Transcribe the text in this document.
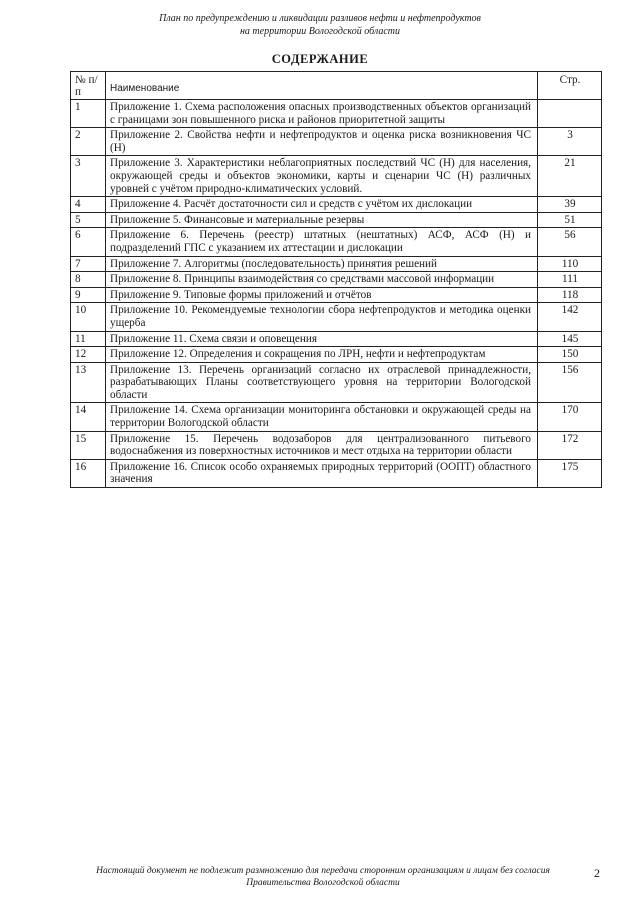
План по предупреждению и ликвидации разливов нефти и нефтепродуктов
на территории Вологодской области
СОДЕРЖАНИЕ
№ п/п	Наименование	Стр.
1	Приложение 1. Схема расположения опасных производственных объектов организаций с границами зон повышенного риска и районов приоритетной защиты	
2	Приложение 2. Свойства нефти и нефтепродуктов и оценка риска возникновения ЧС (Н)	3
3	Приложение 3. Характеристики неблагоприятных последствий ЧС (Н) для населения, окружающей среды и объектов экономики, карты и сценарии ЧС (Н) различных уровней с учётом природно-климатических условий.	21
4	Приложение 4. Расчёт достаточности сил и средств с учётом их дислокации	39
5	Приложение 5. Финансовые и материальные резервы	51
6	Приложение 6. Перечень (реестр) штатных (нештатных) АСФ, АСФ (Н) и подразделений ГПС с указанием их аттестации и дислокации	56
7	Приложение 7. Алгоритмы (последовательность) принятия решений	110
8	Приложение 8. Принципы взаимодействия со средствами массовой информации	111
9	Приложение 9. Типовые формы приложений и отчётов	118
10	Приложение 10. Рекомендуемые технологии сбора нефтепродуктов и методика оценки ущерба	142
11	Приложение 11. Схема связи и оповещения	145
12	Приложение 12. Определения и сокращения по ЛРН, нефти и нефтепродуктам	150
13	Приложение 13. Перечень организаций согласно их отраслевой принадлежности, разрабатывающих Планы соответствующего уровня на территории Вологодской области	156
14	Приложение 14. Схема организации мониторинга обстановки и окружающей среды на территории Вологодской области	170
15	Приложение 15. Перечень водозаборов для централизованного питьевого водоснабжения из поверхностных источников и мест отдыха на территории области	172
16	Приложение 16. Список особо охраняемых природных территорий (ООПТ) областного значения	175
Настоящий документ не подлежит размножению для передачи сторонним организациям и лицам без согласия Правительства Вологодской области
2
